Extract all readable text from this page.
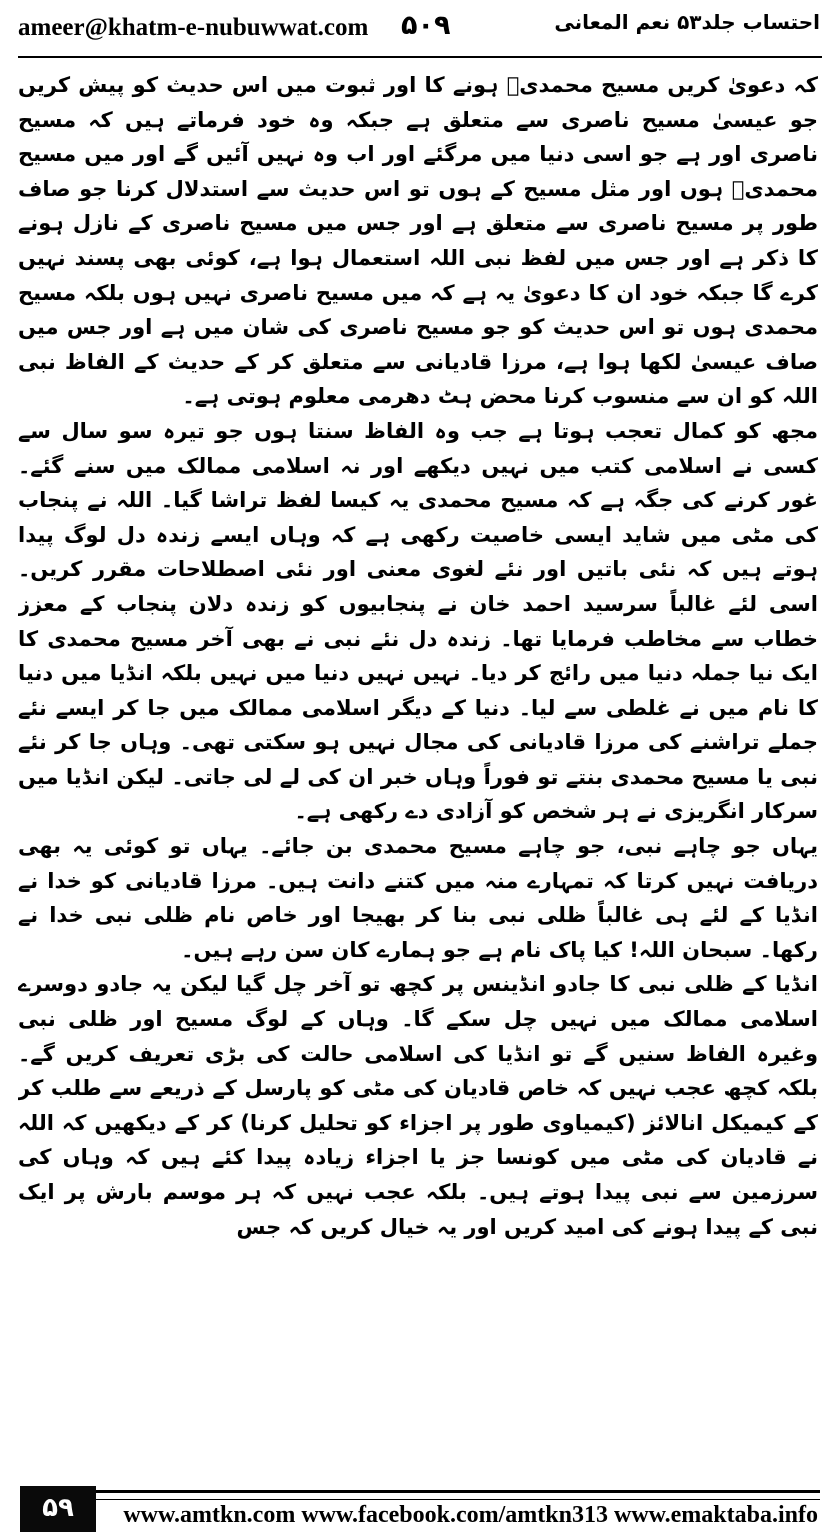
ameer@khatm-e-nubuwwat.com ۵۰۹	احتساب جلد۵۳ نعم المعانی

کہ دعویٰ کریں مسیح محمدیؐ ہونے کا اور ثبوت میں اس حدیث کو پیش کریں جو عیسیٰ مسیح ناصری سے متعلق ہے جبکہ وہ خود فرماتے ہیں کہ مسیح ناصری اور ہے جو اسی دنیا میں مرگئے اور اب وہ نہیں آئیں گے اور میں مسیح محمدیؐ ہوں اور مثل مسیح کے ہوں تو اس حدیث سے استدلال کرنا جو صاف طور پر مسیح ناصری سے متعلق ہے اور جس میں مسیح ناصری کے نازل ہونے کا ذکر ہے اور جس میں لفظ نبی اللہ استعمال ہوا ہے، کوئی بھی پسند نہیں کرے گا جبکہ خود ان کا دعویٰ یہ ہے کہ میں مسیح ناصری نہیں ہوں بلکہ مسیح محمدی ہوں تو اس حدیث کو جو مسیح ناصری کی شان میں ہے اور جس میں صاف عیسیٰ لکھا ہوا ہے، مرزا قادیانی سے متعلق کر کے حدیث کے الفاظ نبی اللہ کو ان سے منسوب کرنا محض ہٹ دھرمی معلوم ہوتی ہے۔

مجھ کو کمال تعجب ہوتا ہے جب وہ الفاظ سنتا ہوں جو تیرہ سو سال سے کسی نے اسلامی کتب میں نہیں دیکھے اور نہ اسلامی ممالک میں سنے گئے۔ غور کرنے کی جگہ ہے کہ مسیح محمدی یہ کیسا لفظ تراشا گیا۔ اللہ نے پنجاب کی مٹی میں شاید ایسی خاصیت رکھی ہے کہ وہاں ایسے زندہ دل لوگ پیدا ہوتے ہیں کہ نئی باتیں اور نئے لغوی معنی اور نئی اصطلاحات مقرر کریں۔ اسی لئے غالباً سرسید احمد خان نے پنجابیوں کو زندہ دلان پنجاب کے معزز خطاب سے مخاطب فرمایا تھا۔ زندہ دل نئے نبی نے بھی آخر مسیح محمدی کا ایک نیا جملہ دنیا میں رائج کر دیا۔ نہیں نہیں دنیا میں نہیں بلکہ انڈیا میں دنیا کا نام میں نے غلطی سے لیا۔ دنیا کے دیگر اسلامی ممالک میں جا کر ایسے نئے جملے تراشنے کی مرزا قادیانی کی مجال نہیں ہو سکتی تھی۔ وہاں جا کر نئے نبی یا مسیح محمدی بنتے تو فوراً وہاں خبر ان کی لے لی جاتی۔ لیکن انڈیا میں سرکار انگریزی نے ہر شخص کو آزادی دے رکھی ہے۔

یہاں جو چاہے نبی، جو چاہے مسیح محمدی بن جائے۔ یہاں تو کوئی یہ بھی دریافت نہیں کرتا کہ تمہارے منہ میں کتنے دانت ہیں۔ مرزا قادیانی کو خدا نے انڈیا کے لئے ہی غالباً ظلی نبی بنا کر بھیجا اور خاص نام ظلی نبی خدا نے رکھا۔ سبحان اللہ! کیا پاک نام ہے جو ہمارے کان سن رہے ہیں۔

انڈیا کے ظلی نبی کا جادو انڈینس پر کچھ تو آخر چل گیا لیکن یہ جادو دوسرے اسلامی ممالک میں نہیں چل سکے گا۔ وہاں کے لوگ مسیح اور ظلی نبی وغیرہ الفاظ سنیں گے تو انڈیا کی اسلامی حالت کی بڑی تعریف کریں گے۔ بلکہ کچھ عجب نہیں کہ خاص قادیان کی مٹی کو پارسل کے ذریعے سے طلب کر کے کیمیکل انالائز (کیمیاوی طور پر اجزاء کو تحلیل کرنا) کر کے دیکھیں کہ اللہ نے قادیان کی مٹی میں کونسا جز یا اجزاء زیادہ پیدا کئے ہیں کہ وہاں کی سرزمین سے نبی پیدا ہوتے ہیں۔ بلکہ عجب نہیں کہ ہر موسم بارش پر ایک نبی کے پیدا ہونے کی امید کریں اور یہ خیال کریں کہ جس

۵۹	www.amtkn.com www.facebook.com/amtkn313 www.emaktaba.info
